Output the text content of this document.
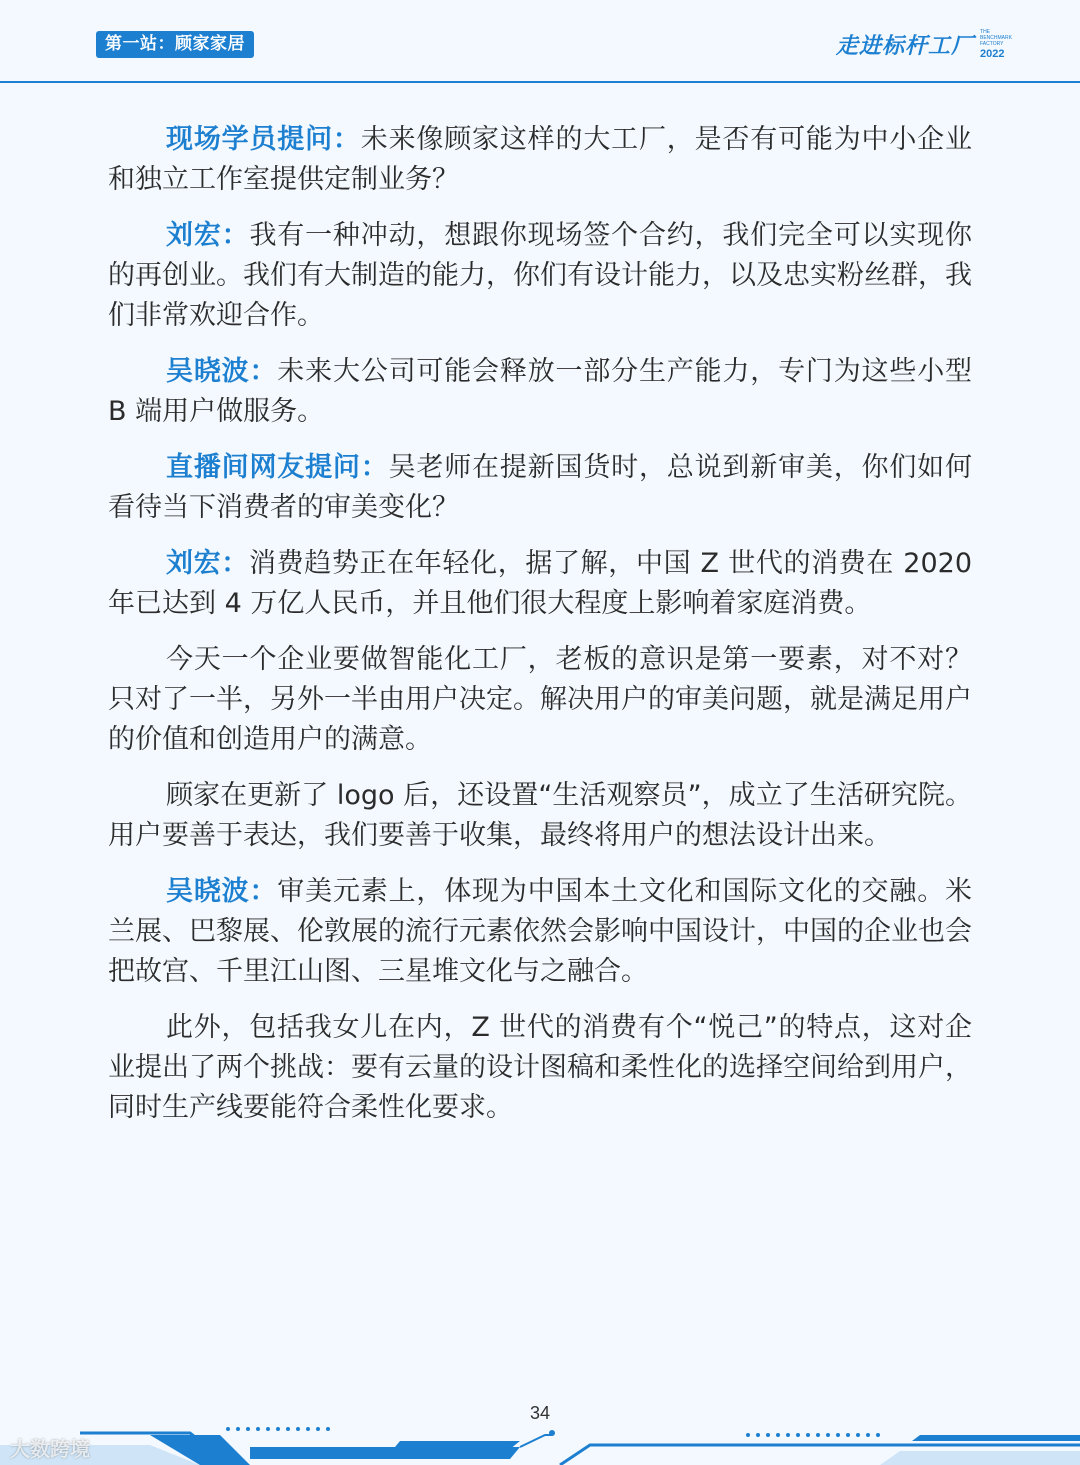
第一站：顾家家居	走进标杆工厂
THE BENCHMARK FACTORY
2022

现场学员提问：未来像顾家这样的大工厂，是否有可能为中小企业和独立工作室提供定制业务？

刘宏：我有一种冲动，想跟你现场签个合约，我们完全可以实现你的再创业。我们有大制造的能力，你们有设计能力，以及忠实粉丝群，我们非常欢迎合作。

吴晓波：未来大公司可能会释放一部分生产能力，专门为这些小型 B 端用户做服务。

直播间网友提问：吴老师在提新国货时，总说到新审美，你们如何看待当下消费者的审美变化？

刘宏：消费趋势正在年轻化，据了解，中国 Z 世代的消费在 2020 年已达到 4 万亿人民币，并且他们很大程度上影响着家庭消费。

今天一个企业要做智能化工厂，老板的意识是第一要素，对不对？只对了一半，另外一半由用户决定。解决用户的审美问题，就是满足用户的价值和创造用户的满意。

顾家在更新了 logo 后，还设置“生活观察员”，成立了生活研究院。用户要善于表达，我们要善于收集，最终将用户的想法设计出来。

吴晓波：审美元素上，体现为中国本土文化和国际文化的交融。米兰展、巴黎展、伦敦展的流行元素依然会影响中国设计，中国的企业也会把故宫、千里江山图、三星堆文化与之融合。

此外，包括我女儿在内，Z 世代的消费有个“悦己”的特点，这对企业提出了两个挑战：要有云量的设计图稿和柔性化的选择空间给到用户，同时生产线要能符合柔性化要求。

34
大数跨境
